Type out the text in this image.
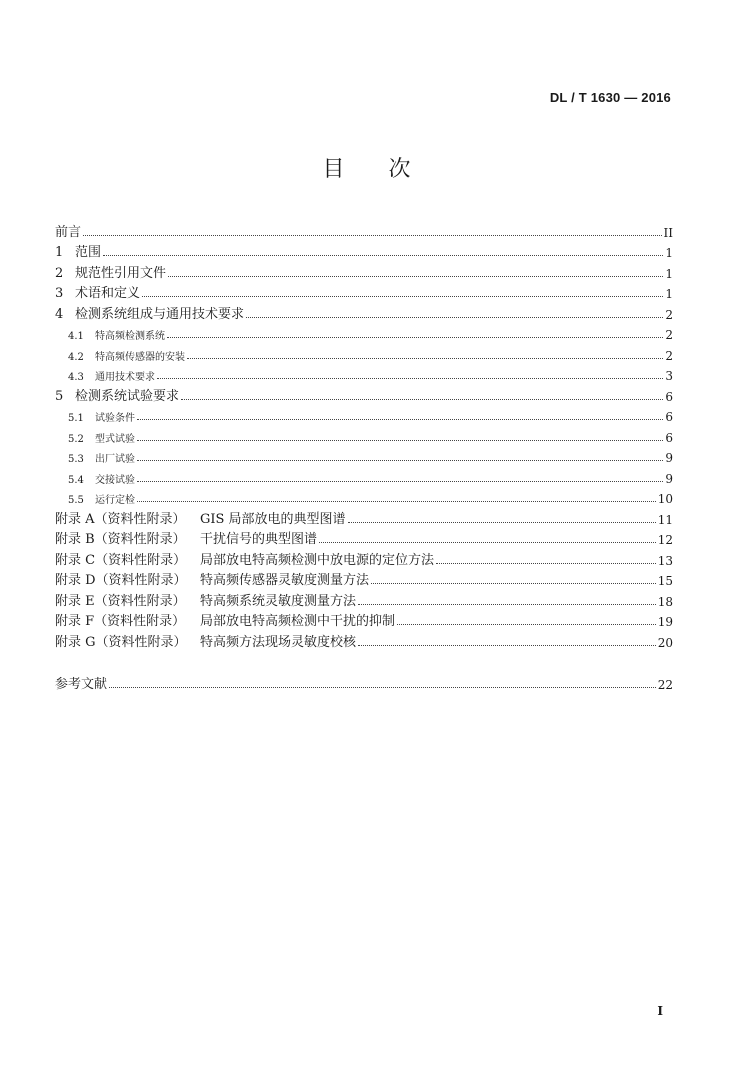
DL / T 1630 — 2016
目次
前言	II
1 范围	1
2 规范性引用文件	1
3 术语和定义	1
4 检测系统组成与通用技术要求	2
4.1	特高频检测系统	2
4.2	特高频传感器的安装	2
4.3	通用技术要求	3
5 检测系统试验要求	6
5.1	试验条件	6
5.2	型式试验	6
5.3	出厂试验	9
5.4	交接试验	9
5.5	运行定检	10
附录 A（资料性附录）	GIS 局部放电的典型图谱	11
附录 B（资料性附录）	干扰信号的典型图谱	12
附录 C（资料性附录）	局部放电特高频检测中放电源的定位方法	13
附录 D（资料性附录）	特高频传感器灵敏度测量方法	15
附录 E（资料性附录）	特高频系统灵敏度测量方法	18
附录 F（资料性附录）	局部放电特高频检测中干扰的抑制	19
附录 G（资料性附录）	特高频方法现场灵敏度校核	20
参考文献	22
I
